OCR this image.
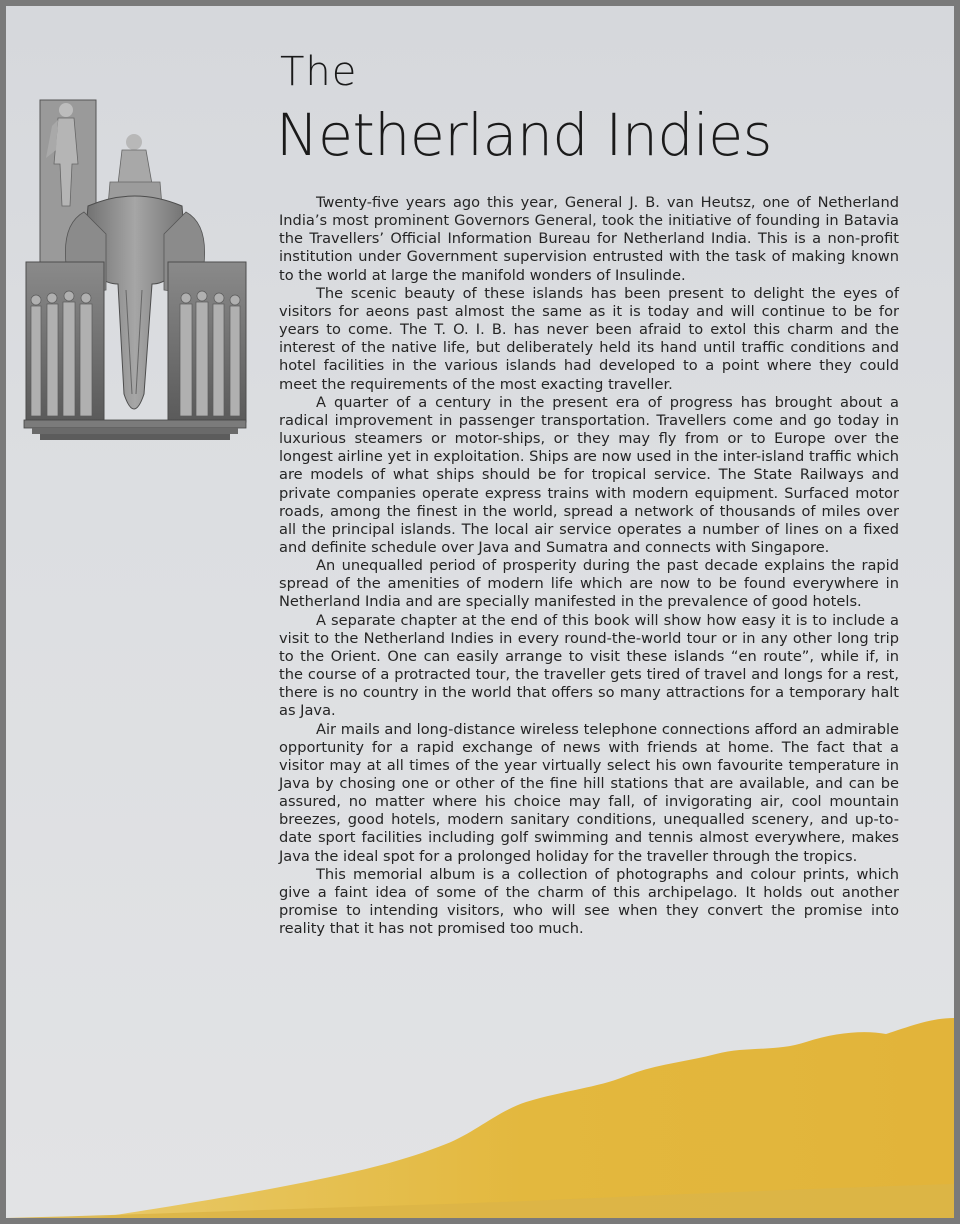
The
Netherland Indies

Twenty-five years ago this year, General J. B. van Heutsz, one of Netherland India’s most prominent Governors General, took the initiative of founding in Batavia the Travellers’ Official Information Bureau for Netherland India. This is a non-profit institution under Government supervision entrusted with the task of making known to the world at large the manifold wonders of Insulinde.

The scenic beauty of these islands has been present to delight the eyes of visitors for aeons past almost the same as it is today and will continue to be for years to come. The T. O. I. B. has never been afraid to extol this charm and the interest of the native life, but deliberately held its hand until traffic conditions and hotel facilities in the various islands had developed to a point where they could meet the requirements of the most exacting traveller.

A quarter of a century in the present era of progress has brought about a radical improvement in passenger transportation. Travellers come and go today in luxurious steamers or motor-ships, or they may fly from or to Europe over the longest airline yet in exploitation. Ships are now used in the inter-island traffic which are models of what ships should be for tropical service. The State Railways and private companies operate express trains with modern equipment. Surfaced motor roads, among the finest in the world, spread a network of thousands of miles over all the principal islands. The local air service operates a number of lines on a fixed and definite schedule over Java and Sumatra and connects with Singapore.

An unequalled period of prosperity during the past decade explains the rapid spread of the amenities of modern life which are now to be found everywhere in Netherland India and are specially manifested in the prevalence of good hotels.

A separate chapter at the end of this book will show how easy it is to include a visit to the Netherland Indies in every round-the-world tour or in any other long trip to the Orient. One can easily arrange to visit these islands “en route”, while if, in the course of a protracted tour, the traveller gets tired of travel and longs for a rest, there is no country in the world that offers so many attractions for a temporary halt as Java.

Air mails and long-distance wireless telephone connections afford an admirable opportunity for a rapid exchange of news with friends at home. The fact that a visitor may at all times of the year virtually select his own favourite temperature in Java by chosing one or other of the fine hill stations that are available, and can be assured, no matter where his choice may fall, of invigorating air, cool mountain breezes, good hotels, modern sanitary conditions, unequalled scenery, and up-to-date sport facilities including golf swimming and tennis almost everywhere, makes Java the ideal spot for a prolonged holiday for the traveller through the tropics.

This memorial album is a collection of photographs and colour prints, which give a faint idea of some of the charm of this archipelago. It holds out another promise to intending visitors, who will see when they convert the promise into reality that it has not promised too much.
